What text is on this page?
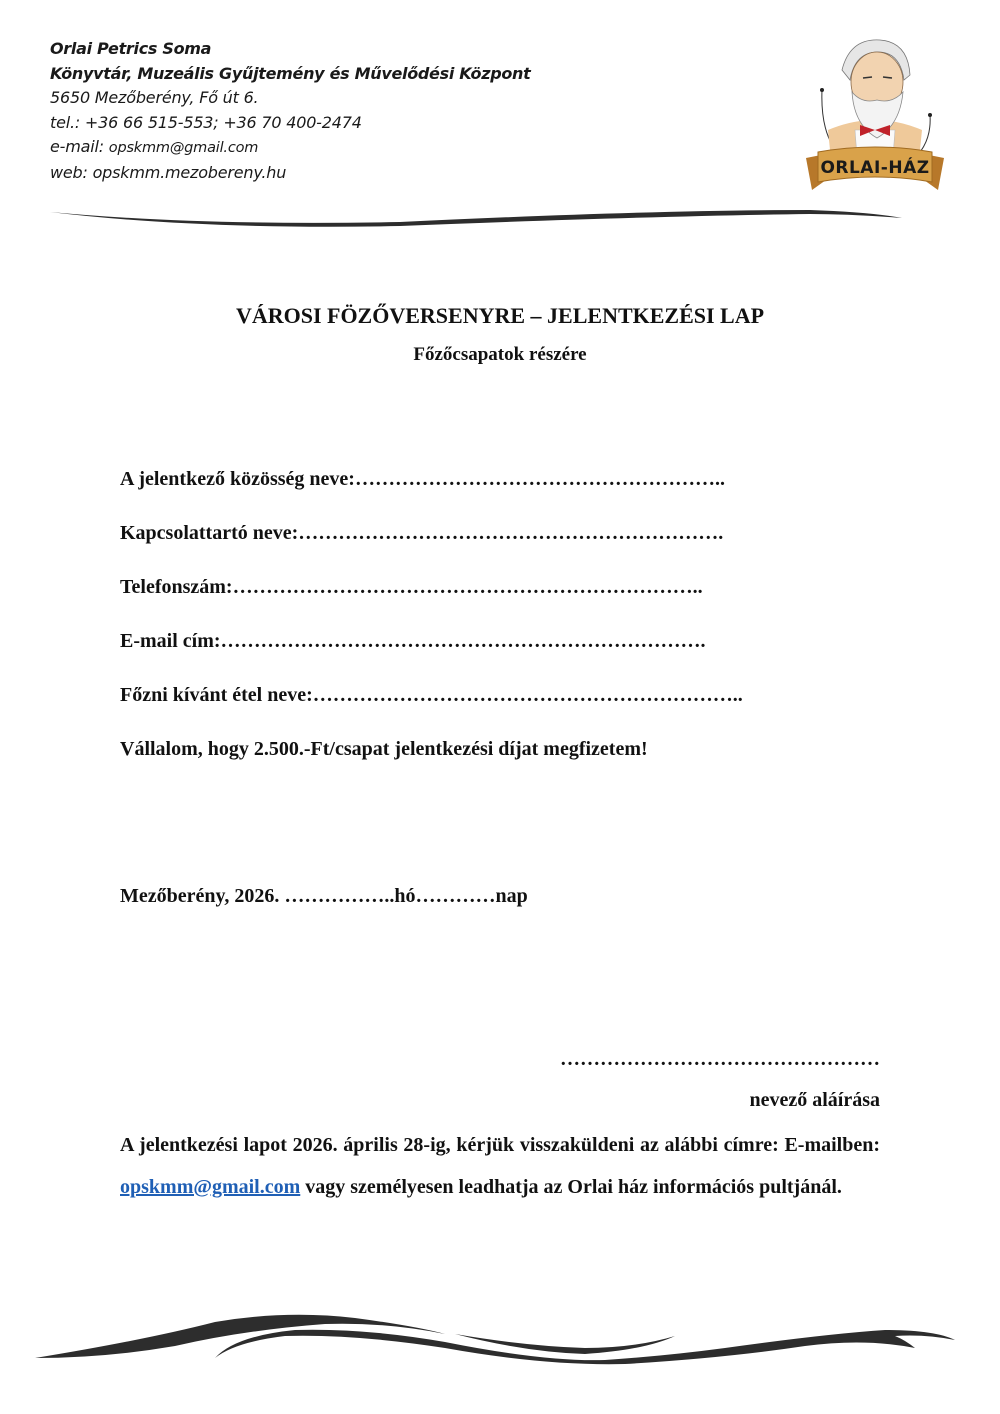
Orlai Petrics Soma
Könyvtár, Muzeális Gyűjtemény és Művelődési Központ
5650 Mezőberény, Fő út 6.
tel.: +36 66 515-553; +36 70 400-2474
e-mail: opskmm@gmail.com
web: opskmm.mezobereny.hu	ORLAI-HÁZ
VÁROSI FÖZŐVERSENYRE – JELENTKEZÉSI LAP
Főzőcsapatok részére
A jelentkező közösség neve:………………………………………………..
Kapcsolattartó neve:……………………………………………………….
Telefonszám:……………………………………………………………..
E-mail cím:……………………………………………………………….
Főzni kívánt étel neve:………………………………………………………..
Vállalom, hogy 2.500.-Ft/csapat jelentkezési díjat megfizetem!
Mezőberény, 2026. ……………..hó…………nap
…………………………………………
nevező aláírása
A jelentkezési lapot 2026. április 28-ig, kérjük visszaküldeni az alábbi címre: E-mailben: opskmm@gmail.com vagy személyesen leadhatja az Orlai ház információs pultjánál.
